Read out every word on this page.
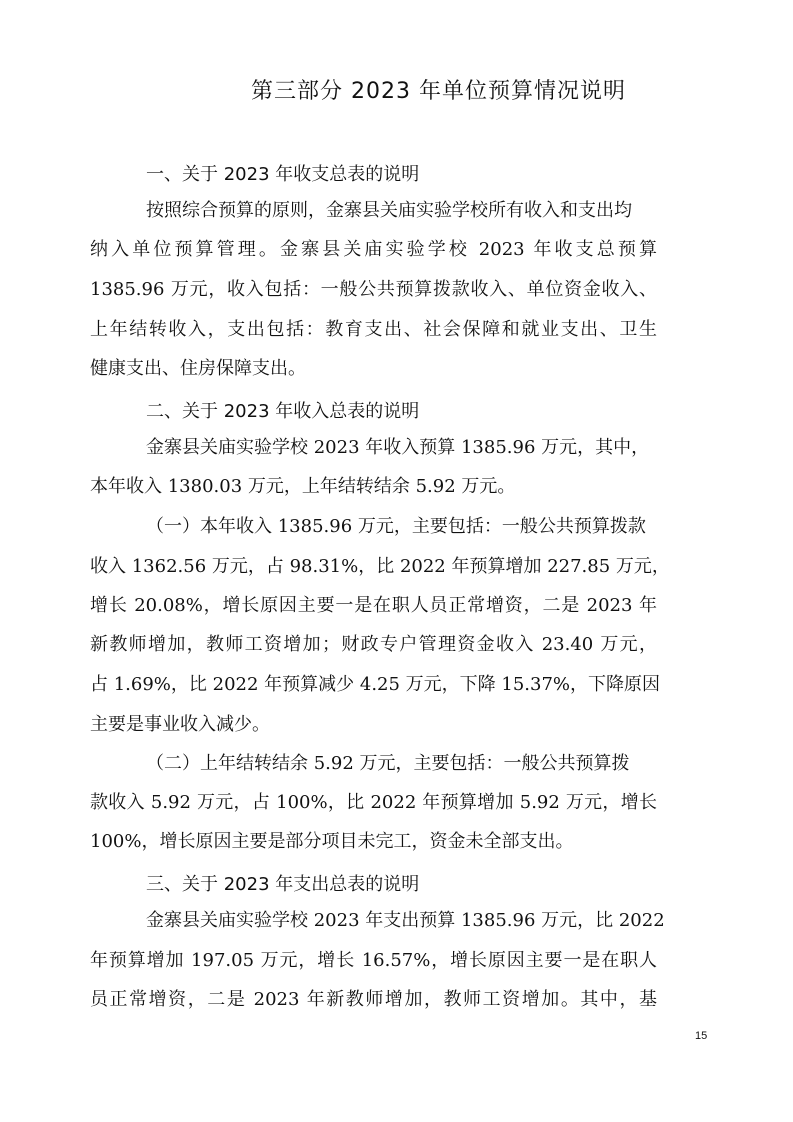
第三部分 2023 年单位预算情况说明
一、关于 2023 年收支总表的说明
按照综合预算的原则，金寨县关庙实验学校所有收入和支出均
纳入单位预算管理。金寨县关庙实验学校 2023 年收支总预算
1385.96 万元，收入包括：一般公共预算拨款收入、单位资金收入、
上年结转收入，支出包括：教育支出、社会保障和就业支出、卫生
健康支出、住房保障支出。
二、关于 2023 年收入总表的说明
金寨县关庙实验学校 2023 年收入预算 1385.96 万元，其中，
本年收入 1380.03 万元，上年结转结余 5.92 万元。
（一）本年收入 1385.96 万元，主要包括：一般公共预算拨款
收入 1362.56 万元，占 98.31%，比 2022 年预算增加 227.85 万元，
增长 20.08%，增长原因主要一是在职人员正常增资，二是 2023 年
新教师增加，教师工资增加；财政专户管理资金收入 23.40 万元，
占 1.69%，比 2022 年预算减少 4.25 万元，下降 15.37%，下降原因
主要是事业收入减少。
（二）上年结转结余 5.92 万元，主要包括：一般公共预算拨
款收入 5.92 万元，占 100%，比 2022 年预算增加 5.92 万元，增长
100%，增长原因主要是部分项目未完工，资金未全部支出。
三、关于 2023 年支出总表的说明
金寨县关庙实验学校 2023 年支出预算 1385.96 万元，比 2022
年预算增加 197.05 万元，增长 16.57%，增长原因主要一是在职人
员正常增资，二是 2023 年新教师增加，教师工资增加。其中，基
15
